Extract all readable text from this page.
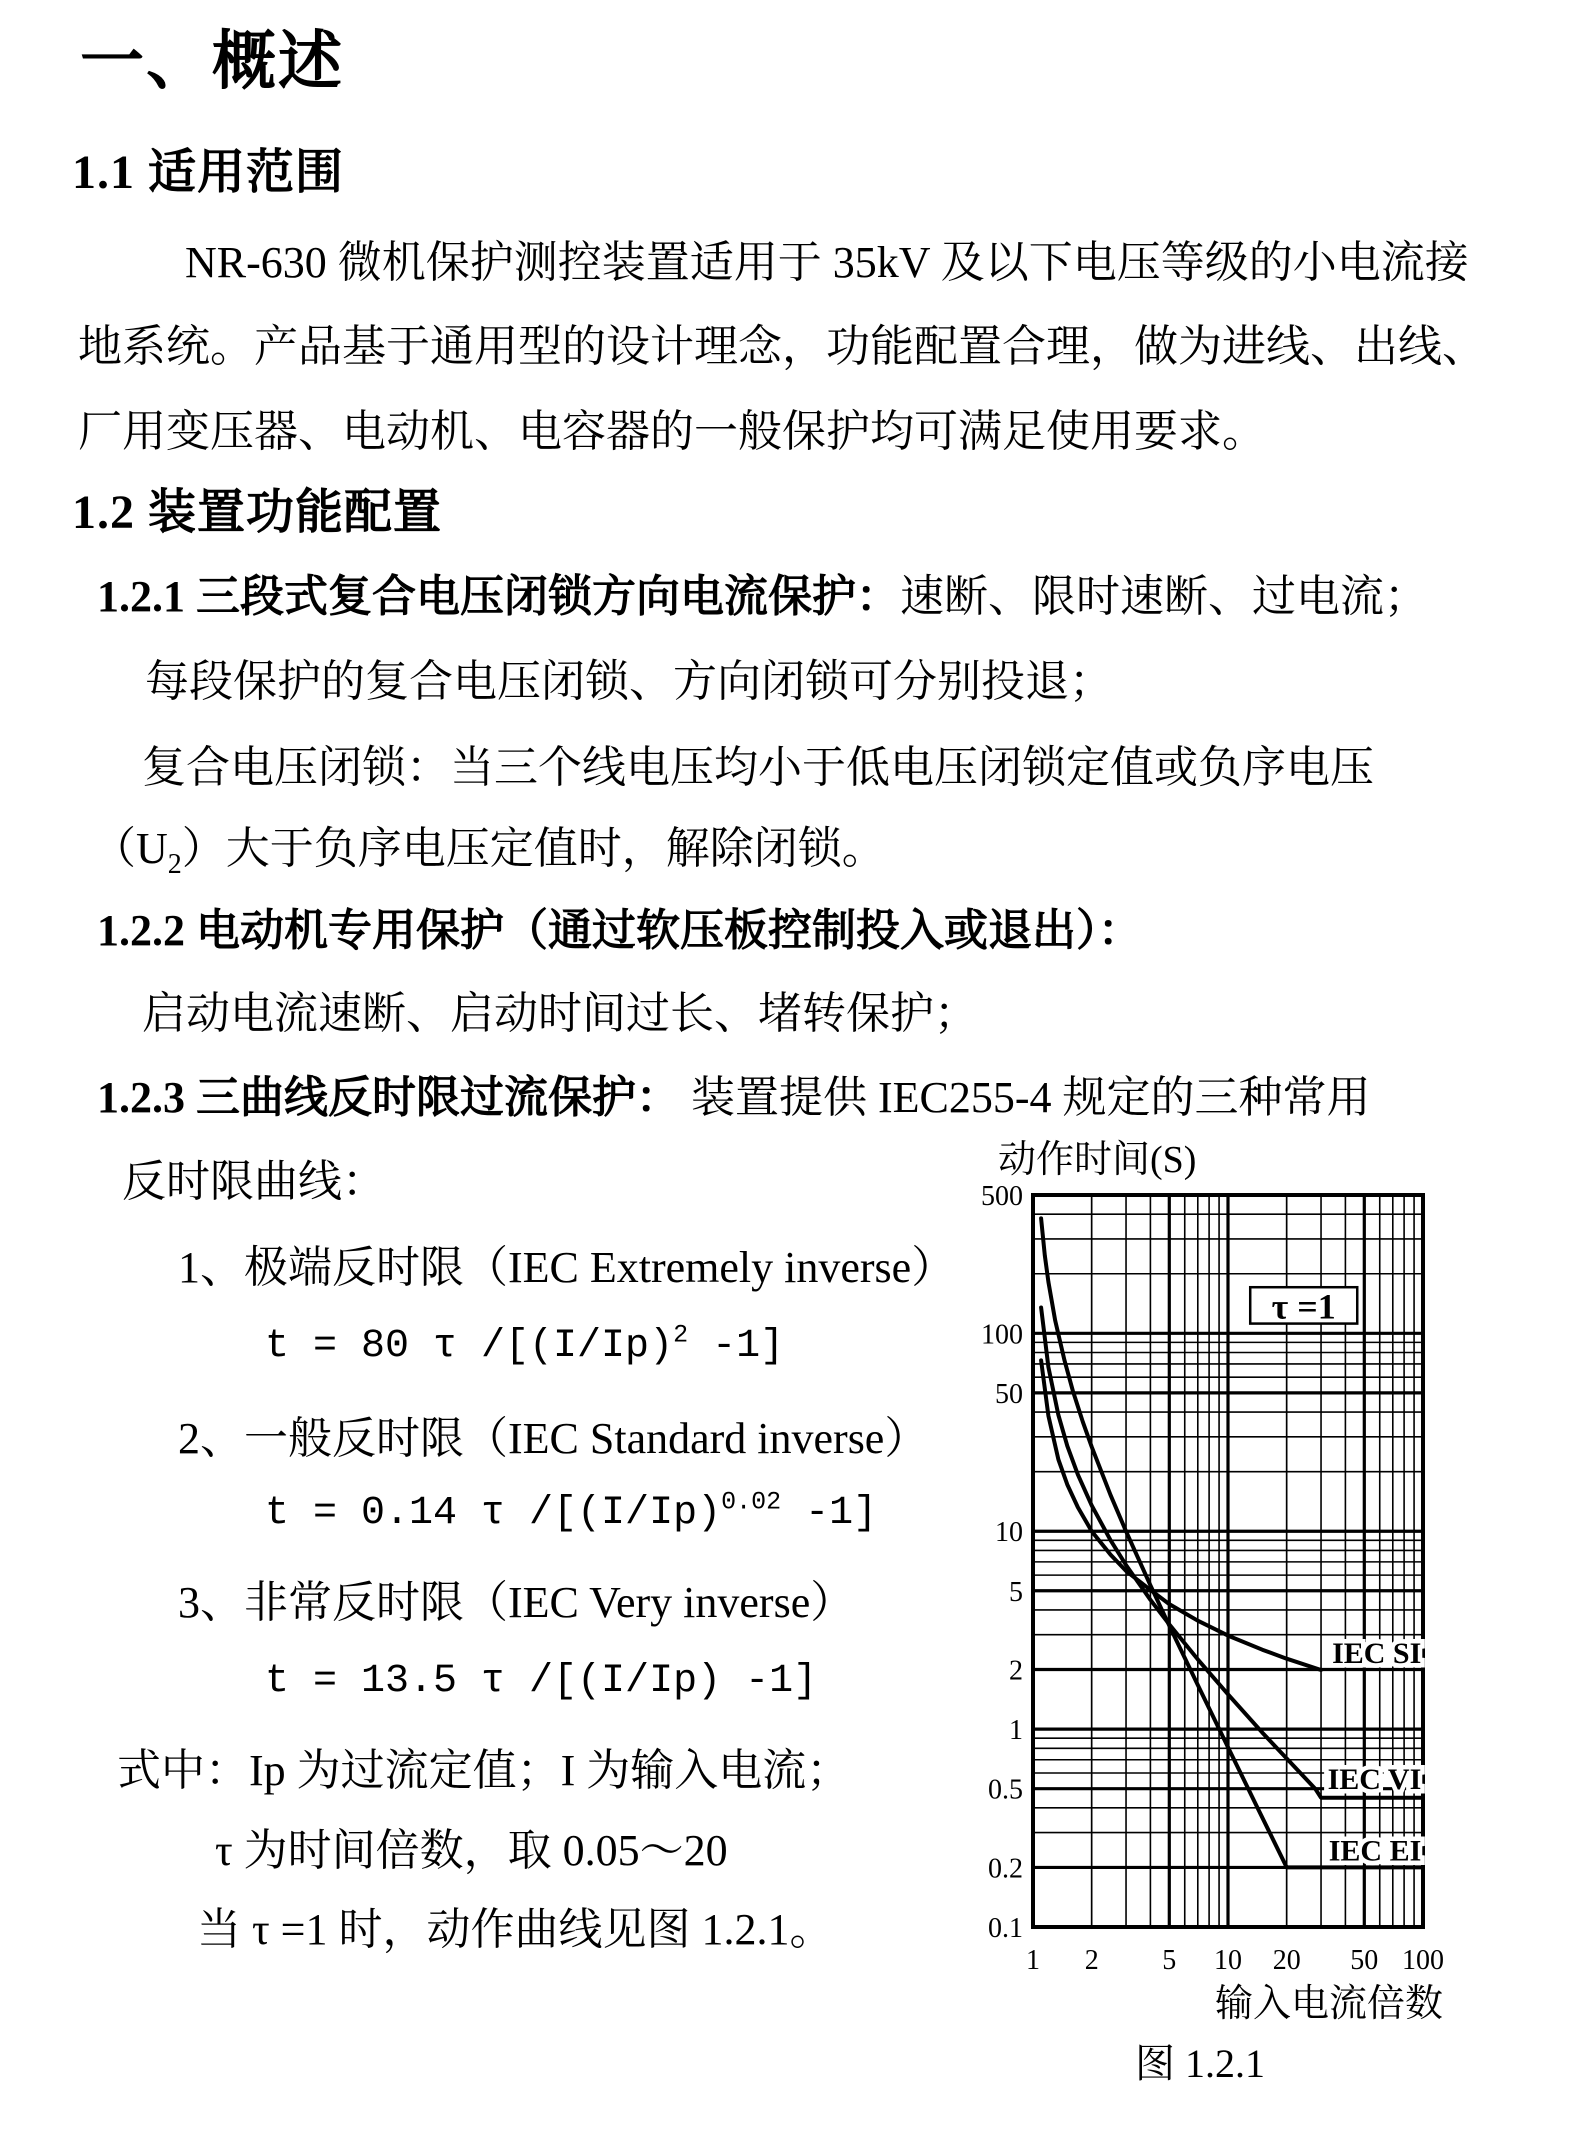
一、概述
1.1 适用范围
NR-630 微机保护测控装置适用于 35kV 及以下电压等级的小电流接
地系统。产品基于通用型的设计理念，功能配置合理，做为进线、出线、
厂用变压器、电动机、电容器的一般保护均可满足使用要求。
1.2 装置功能配置
1.2.1 三段式复合电压闭锁方向电流保护：速断、限时速断、过电流；
每段保护的复合电压闭锁、方向闭锁可分别投退；
复合电压闭锁：当三个线电压均小于低电压闭锁定值或负序电压
$(U_2)$大于负序电压定值时，解除闭锁。
1.2.2 电动机专用保护（通过软压板控制投入或退出）：
启动电流速断、启动时间过长、堵转保护；
1.2.3 三曲线反时限过流保护： 装置提供 IEC255-4 规定的三种常用
反时限曲线：
1、极端反时限（IEC Extremely inverse）
t = 80 τ $/[(I/Ip)^2$ -1]
2、一般反时限（IEC Standard inverse）
t = 0.14 τ $/[(I/Ip)^{0.02}$ -1]
3、非常反时限（IEC Very inverse）
t = 13.5 τ /[(I/Ip) -1]
式中：Ip 为过流定值；I 为输入电流；
τ 为时间倍数，取 0.05～20
当 τ =1 时，动作曲线见图 1.2.1。
动作时间(S)
1 2 5 10 20 50 100
500
100
50
10
5
2
1
0.5
0.2
0.1
IEC SI
IEC VI
IEC EI
τ =1
输入电流倍数
图 1.2.1
